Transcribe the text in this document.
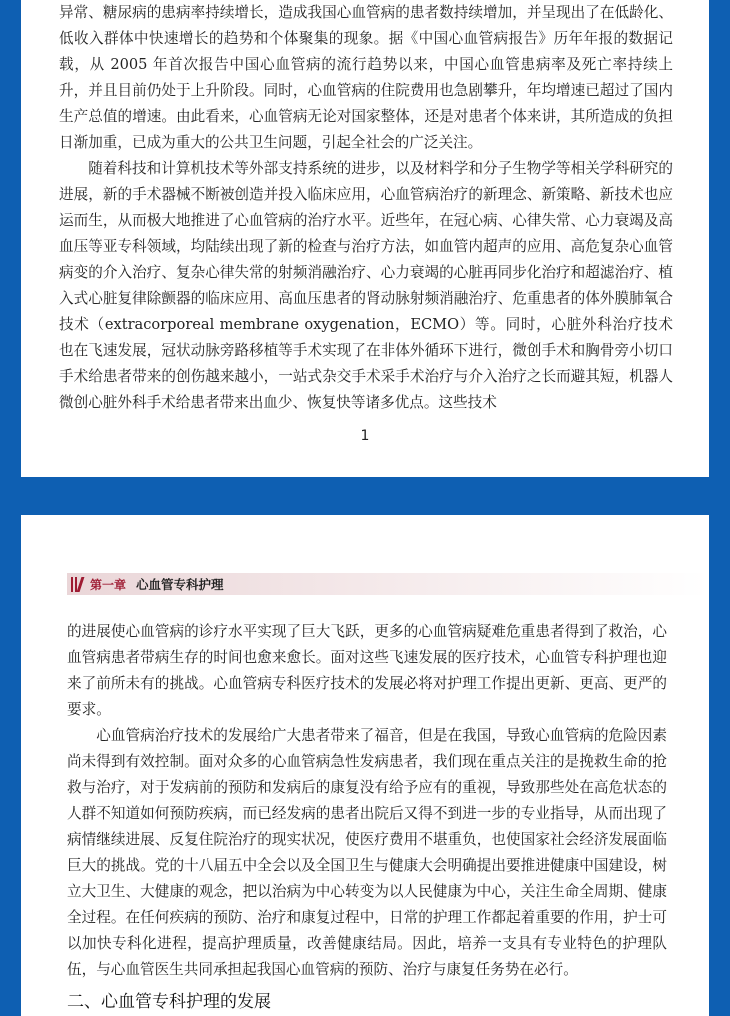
异常、糖尿病的患病率持续增长，造成我国心血管病的患者数持续增加，并呈现出了在低龄化、低收入群体中快速增长的趋势和个体聚集的现象。据《中国心血管病报告》历年年报的数据记载，从 2005 年首次报告中国心血管病的流行趋势以来，中国心血管患病率及死亡率持续上升，并且目前仍处于上升阶段。同时，心血管病的住院费用也急剧攀升，年均增速已超过了国内生产总值的增速。由此看来，心血管病无论对国家整体，还是对患者个体来讲，其所造成的负担日渐加重，已成为重大的公共卫生问题，引起全社会的广泛关注。

随着科技和计算机技术等外部支持系统的进步，以及材料学和分子生物学等相关学科研究的进展，新的手术器械不断被创造并投入临床应用，心血管病治疗的新理念、新策略、新技术也应运而生，从而极大地推进了心血管病的治疗水平。近些年，在冠心病、心律失常、心力衰竭及高血压等亚专科领域，均陆续出现了新的检查与治疗方法，如血管内超声的应用、高危复杂心血管病变的介入治疗、复杂心律失常的射频消融治疗、心力衰竭的心脏再同步化治疗和超滤治疗、植入式心脏复律除颤器的临床应用、高血压患者的肾动脉射频消融治疗、危重患者的体外膜肺氧合技术（extracorporeal membrane oxygenation，ECMO）等。同时，心脏外科治疗技术也在飞速发展，冠状动脉旁路移植等手术实现了在非体外循环下进行，微创手术和胸骨旁小切口手术给患者带来的创伤越来越小，一站式杂交手术采手术治疗与介入治疗之长而避其短，机器人微创心脏外科手术给患者带来出血少、恢复快等诸多优点。这些技术

1
第一章 心血管专科护理

的进展使心血管病的诊疗水平实现了巨大飞跃，更多的心血管病疑难危重患者得到了救治，心血管病患者带病生存的时间也愈来愈长。面对这些飞速发展的医疗技术，心血管专科护理也迎来了前所未有的挑战。心血管病专科医疗技术的发展必将对护理工作提出更新、更高、更严的要求。

心血管病治疗技术的发展给广大患者带来了福音，但是在我国，导致心血管病的危险因素尚未得到有效控制。面对众多的心血管病急性发病患者，我们现在重点关注的是挽救生命的抢救与治疗，对于发病前的预防和发病后的康复没有给予应有的重视，导致那些处在高危状态的人群不知道如何预防疾病，而已经发病的患者出院后又得不到进一步的专业指导，从而出现了病情继续进展、反复住院治疗的现实状况，使医疗费用不堪重负，也使国家社会经济发展面临巨大的挑战。党的十八届五中全会以及全国卫生与健康大会明确提出要推进健康中国建设，树立大卫生、大健康的观念，把以治病为中心转变为以人民健康为中心，关注生命全周期、健康全过程。在任何疾病的预防、治疗和康复过程中，日常的护理工作都起着重要的作用，护士可以加快专科化进程，提高护理质量，改善健康结局。因此，培养一支具有专业特色的护理队伍，与心血管医生共同承担起我国心血管病的预防、治疗与康复任务势在必行。

二、心血管专科护理的发展
